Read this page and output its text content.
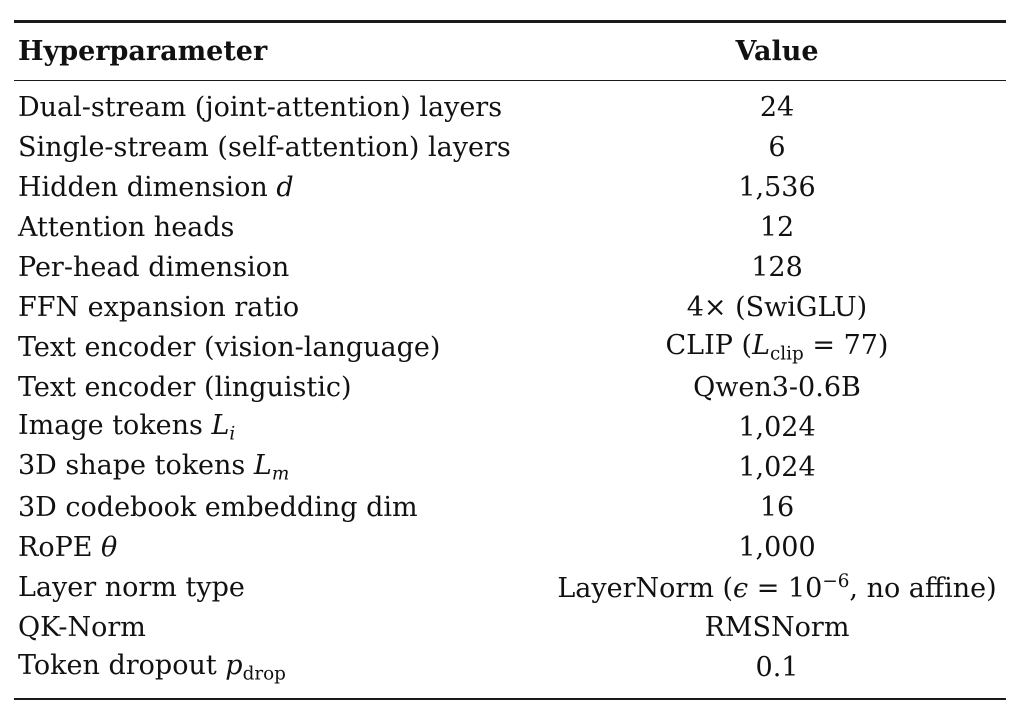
Hyperparameter	Value
Dual-stream (joint-attention) layers	24
Single-stream (self-attention) layers	6
Hidden dimension d	1,536
Attention heads	12
Per-head dimension	128
FFN expansion ratio	4× (SwiGLU)
Text encoder (vision-language)	CLIP $(L_{clip} = 77)$
Text encoder (linguistic)	Qwen3-0.6B
Image tokens $L_i$	1,024
3D shape tokens $L_m$	1,024
3D codebook embedding dim	16
RoPE θ	1,000
Layer norm type	LayerNorm ($\epsilon = 10^{-6}$, no affine)
QK-Norm	RMSNorm
Token dropout $p_{drop}$	0.1
